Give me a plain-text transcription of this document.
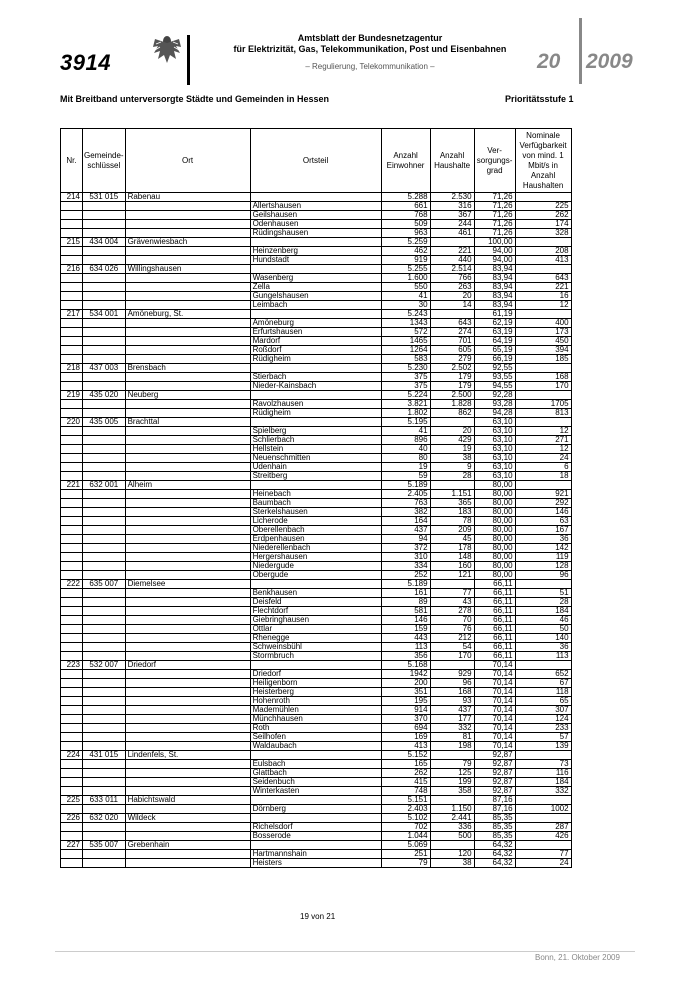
3914
Amtsblatt der Bundesnetzagentur
für Elektrizität, Gas, Telekommunikation, Post und Eisenbahnen
– Regulierung, Telekommunikation –	20 2009
Mit Breitband unterversorgte Städte und Gemeinden in Hessen	Prioritätsstufe 1
Nr.	Gemeinde-schlüssel	Ort	Ortsteil	Anzahl Einwohner	Anzahl Haushalte	Ver-sorgungs-grad	Nominale Verfügbarkeit von mind. 1 Mbit/s in Anzahl Haushalten
214	531 015	Rabenau		5.288	2.530	71,26	
			Allertshausen	661	316	71,26	225
			Geilshausen	768	367	71,26	262
			Odenhausen	509	244	71,26	174
			Rüdingshausen	963	461	71,26	328
215	434 004	Grävenwiesbach		5.259		100,00	
			Heinzenberg	462	221	94,00	208
			Hundstadt	919	440	94,00	413
216	634 026	Willingshausen		5.255	2.514	83,94	
			Wasenberg	1.600	766	83,94	643
			Zella	550	263	83,94	221
			Gungelshausen	41	20	83,94	16
			Leimbach	30	14	83,94	12
217	534 001	Amöneburg, St.		5.243		61,19	
			Amöneburg	1343	643	62,19	400
			Erfurtshausen	572	274	63,19	173
			Mardorf	1465	701	64,19	450
			Roßdorf	1264	605	65,19	394
			Rüdigheim	583	279	66,19	185
218	437 003	Brensbach		5.230	2.502	92,55	
			Stierbach	375	179	93,55	168
			Nieder-Kainsbach	375	179	94,55	170
219	435 020	Neuberg		5.224	2.500	92,28	
			Ravolzhausen	3.821	1.828	93,28	1705
			Rüdigheim	1.802	862	94,28	813
220	435 005	Brachttal		5.195		63,10	
			Spielberg	41	20	63,10	12
			Schlierbach	896	429	63,10	271
			Hellstein	40	19	63,10	12
			Neuenschmitten	80	38	63,10	24
			Udenhain	19	9	63,10	6
			Streitberg	59	28	63,10	18
221	632 001	Alheim		5.189		80,00	
			Heinebach	2.405	1.151	80,00	921
			Baumbach	763	365	80,00	292
			Sterkelshausen	382	183	80,00	146
			Licherode	164	78	80,00	63
			Oberellenbach	437	209	80,00	167
			Erdpenhausen	94	45	80,00	36
			Niederellenbach	372	178	80,00	142
			Hergershausen	310	148	80,00	119
			Niedergude	334	160	80,00	128
			Obergude	252	121	80,00	96
222	635 007	Diemelsee		5.189		66,11	
			Benkhausen	161	77	66,11	51
			Deisfeld	89	43	66,11	28
			Flechtdorf	581	278	66,11	184
			Giebringhausen	146	70	66,11	46
			Ottlar	159	76	66,11	50
			Rhenegge	443	212	66,11	140
			Schweinsbühl	113	54	66,11	36
			Stormbruch	356	170	66,11	113
223	532 007	Driedorf		5.168		70,14	
			Driedorf	1942	929	70,14	652
			Heiligenborn	200	96	70,14	67
			Heisterberg	351	168	70,14	118
			Hohenroth	195	93	70,14	65
			Mademühlen	914	437	70,14	307
			Münchhausen	370	177	70,14	124
			Roth	694	332	70,14	233
			Seilhofen	169	81	70,14	57
			Waldaubach	413	198	70,14	139
224	431 015	Lindenfels, St.		5.152		92,87	
			Eulsbach	165	79	92,87	73
			Glattbach	262	125	92,87	116
			Seidenbuch	415	199	92,87	184
			Winterkasten	748	358	92,87	332
225	633 011	Habichtswald		5.151		87,16	
			Dörnberg	2.403	1.150	87,16	1002
226	632 020	Wildeck		5.102	2.441	85,35	
			Richelsdorf	702	336	85,35	287
			Bosserode	1.044	500	85,35	426
227	535 007	Grebenhain		5.069		64,32	
			Hartmannshain	251	120	64,32	77
			Heisters	79	38	64,32	24
19 von 21
Bonn, 21. Oktober 2009
